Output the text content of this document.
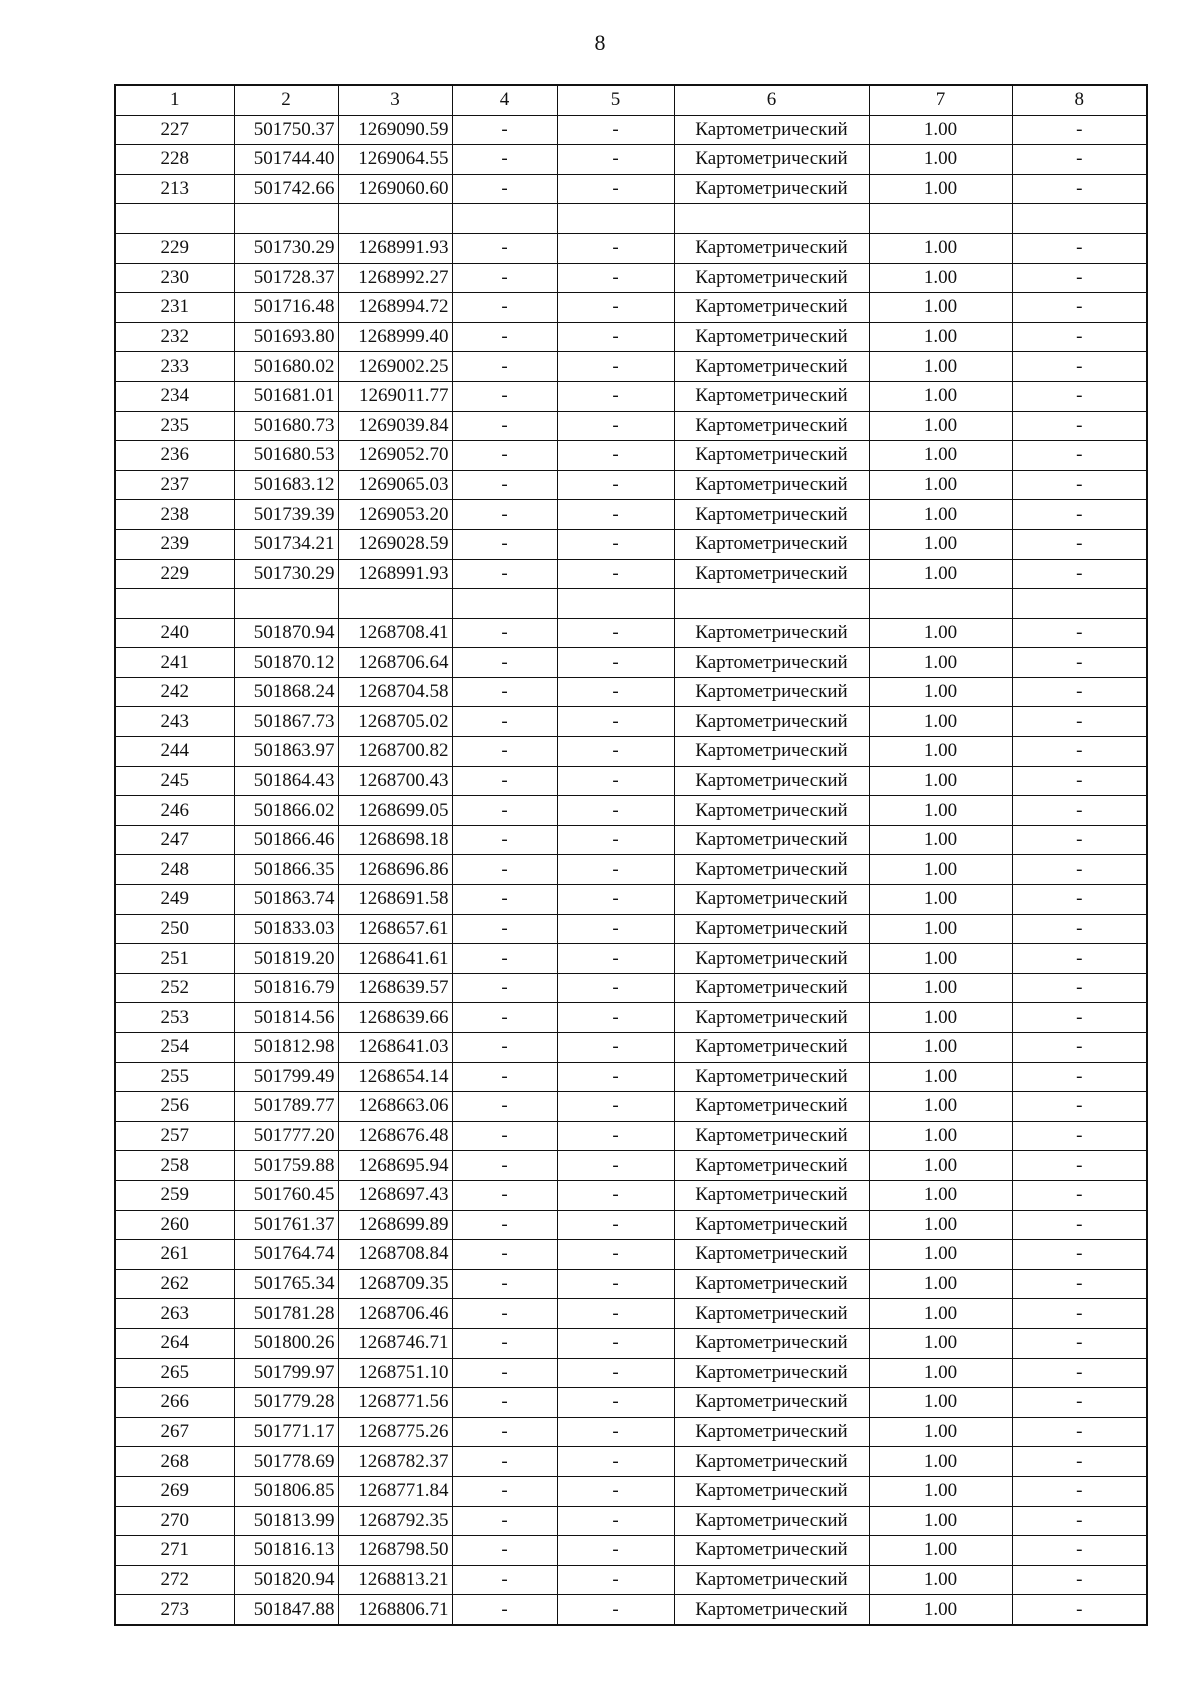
8
1	2	3	4	5	6	7	8
227	501750.37	1269090.59	-	-	Картометрический	1.00	-
228	501744.40	1269064.55	-	-	Картометрический	1.00	-
213	501742.66	1269060.60	-	-	Картометрический	1.00	-

229	501730.29	1268991.93	-	-	Картометрический	1.00	-
230	501728.37	1268992.27	-	-	Картометрический	1.00	-
231	501716.48	1268994.72	-	-	Картометрический	1.00	-
232	501693.80	1268999.40	-	-	Картометрический	1.00	-
233	501680.02	1269002.25	-	-	Картометрический	1.00	-
234	501681.01	1269011.77	-	-	Картометрический	1.00	-
235	501680.73	1269039.84	-	-	Картометрический	1.00	-
236	501680.53	1269052.70	-	-	Картометрический	1.00	-
237	501683.12	1269065.03	-	-	Картометрический	1.00	-
238	501739.39	1269053.20	-	-	Картометрический	1.00	-
239	501734.21	1269028.59	-	-	Картометрический	1.00	-
229	501730.29	1268991.93	-	-	Картометрический	1.00	-

240	501870.94	1268708.41	-	-	Картометрический	1.00	-
241	501870.12	1268706.64	-	-	Картометрический	1.00	-
242	501868.24	1268704.58	-	-	Картометрический	1.00	-
243	501867.73	1268705.02	-	-	Картометрический	1.00	-
244	501863.97	1268700.82	-	-	Картометрический	1.00	-
245	501864.43	1268700.43	-	-	Картометрический	1.00	-
246	501866.02	1268699.05	-	-	Картометрический	1.00	-
247	501866.46	1268698.18	-	-	Картометрический	1.00	-
248	501866.35	1268696.86	-	-	Картометрический	1.00	-
249	501863.74	1268691.58	-	-	Картометрический	1.00	-
250	501833.03	1268657.61	-	-	Картометрический	1.00	-
251	501819.20	1268641.61	-	-	Картометрический	1.00	-
252	501816.79	1268639.57	-	-	Картометрический	1.00	-
253	501814.56	1268639.66	-	-	Картометрический	1.00	-
254	501812.98	1268641.03	-	-	Картометрический	1.00	-
255	501799.49	1268654.14	-	-	Картометрический	1.00	-
256	501789.77	1268663.06	-	-	Картометрический	1.00	-
257	501777.20	1268676.48	-	-	Картометрический	1.00	-
258	501759.88	1268695.94	-	-	Картометрический	1.00	-
259	501760.45	1268697.43	-	-	Картометрический	1.00	-
260	501761.37	1268699.89	-	-	Картометрический	1.00	-
261	501764.74	1268708.84	-	-	Картометрический	1.00	-
262	501765.34	1268709.35	-	-	Картометрический	1.00	-
263	501781.28	1268706.46	-	-	Картометрический	1.00	-
264	501800.26	1268746.71	-	-	Картометрический	1.00	-
265	501799.97	1268751.10	-	-	Картометрический	1.00	-
266	501779.28	1268771.56	-	-	Картометрический	1.00	-
267	501771.17	1268775.26	-	-	Картометрический	1.00	-
268	501778.69	1268782.37	-	-	Картометрический	1.00	-
269	501806.85	1268771.84	-	-	Картометрический	1.00	-
270	501813.99	1268792.35	-	-	Картометрический	1.00	-
271	501816.13	1268798.50	-	-	Картометрический	1.00	-
272	501820.94	1268813.21	-	-	Картометрический	1.00	-
273	501847.88	1268806.71	-	-	Картометрический	1.00	-
